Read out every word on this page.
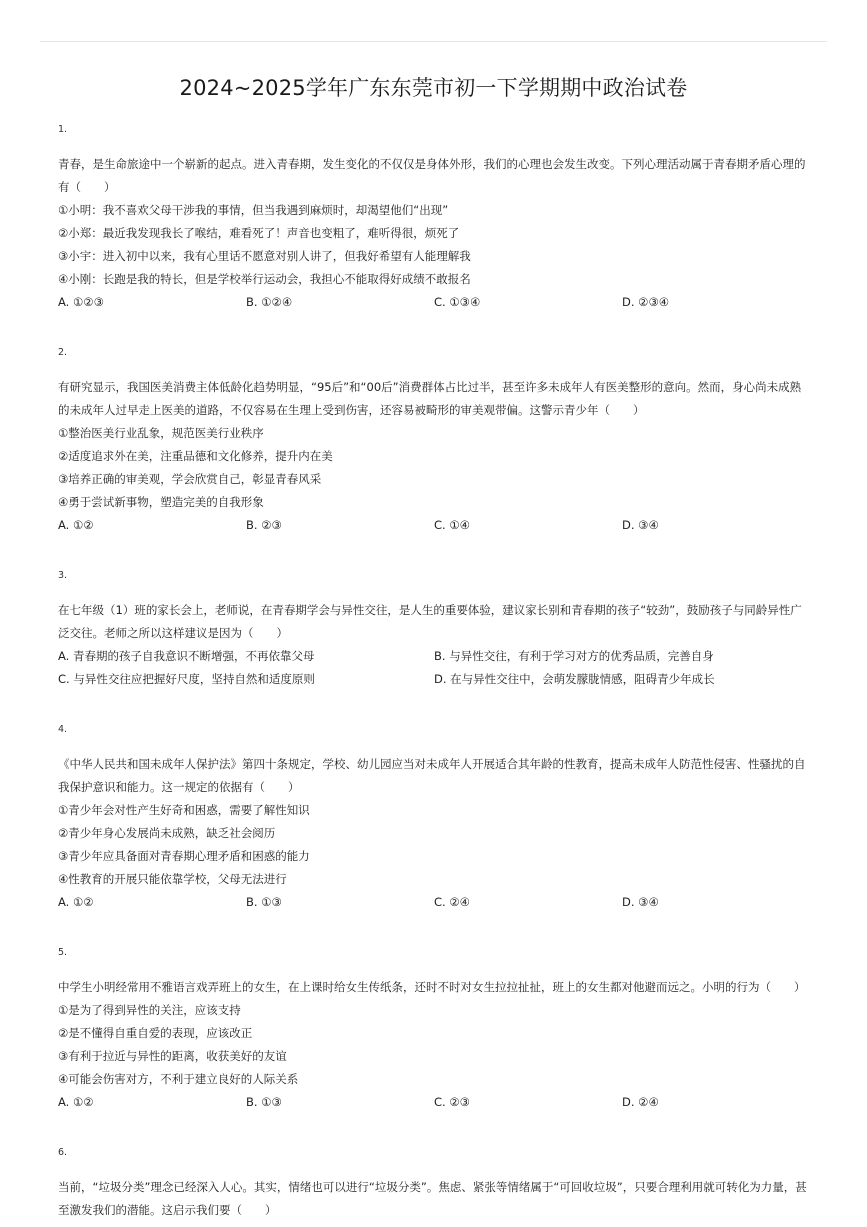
2024~2025学年广东东莞市初一下学期期中政治试卷
1.
青春，是生命旅途中一个崭新的起点。进入青春期，发生变化的不仅仅是身体外形，我们的心理也会发生改变。下列心理活动属于青春期矛盾心理的有（　　）
①小明：我不喜欢父母干涉我的事情，但当我遇到麻烦时，却渴望他们“出现”
②小郑：最近我发现我长了喉结，难看死了！声音也变粗了，难听得很，烦死了
③小宇：进入初中以来，我有心里话不愿意对别人讲了，但我好希望有人能理解我
④小刚：长跑是我的特长，但是学校举行运动会，我担心不能取得好成绩不敢报名
A. ①②③	B. ①②④	C. ①③④	D. ②③④
2.
有研究显示，我国医美消费主体低龄化趋势明显，“95后”和“00后”消费群体占比过半，甚至许多未成年人有医美整形的意向。然而，身心尚未成熟的未成年人过早走上医美的道路，不仅容易在生理上受到伤害，还容易被畸形的审美观带偏。这警示青少年（　　）
①整治医美行业乱象，规范医美行业秩序
②适度追求外在美，注重品德和文化修养，提升内在美
③培养正确的审美观，学会欣赏自己，彰显青春风采
④勇于尝试新事物，塑造完美的自我形象
A. ①②	B. ②③	C. ①④	D. ③④
3.
在七年级（1）班的家长会上，老师说，在青春期学会与异性交往，是人生的重要体验，建议家长别和青春期的孩子“较劲”，鼓励孩子与同龄异性广泛交往。老师之所以这样建议是因为（　　）
A. 青春期的孩子自我意识不断增强，不再依靠父母	B. 与异性交往，有利于学习对方的优秀品质，完善自身
C. 与异性交往应把握好尺度，坚持自然和适度原则	D. 在与异性交往中，会萌发朦胧情感，阻碍青少年成长
4.
《中华人民共和国未成年人保护法》第四十条规定，学校、幼儿园应当对未成年人开展适合其年龄的性教育，提高未成年人防范性侵害、性骚扰的自我保护意识和能力。这一规定的依据有（　　）
①青少年会对性产生好奇和困惑，需要了解性知识
②青少年身心发展尚未成熟，缺乏社会阅历
③青少年应具备面对青春期心理矛盾和困惑的能力
④性教育的开展只能依靠学校，父母无法进行
A. ①②	B. ①③	C. ②④	D. ③④
5.
中学生小明经常用不雅语言戏弄班上的女生，在上课时给女生传纸条，还时不时对女生拉拉扯扯，班上的女生都对他避而远之。小明的行为（　　）
①是为了得到异性的关注，应该支持
②是不懂得自重自爱的表现，应该改正
③有利于拉近与异性的距离，收获美好的友谊
④可能会伤害对方，不利于建立良好的人际关系
A. ①②	B. ①③	C. ②③	D. ②④
6.
当前，“垃圾分类”理念已经深入人心。其实，情绪也可以进行“垃圾分类”。焦虑、紧张等情绪属于“可回收垃圾”，只要合理利用就可转化为力量，甚至激发我们的潜能。这启示我们要（　　）
